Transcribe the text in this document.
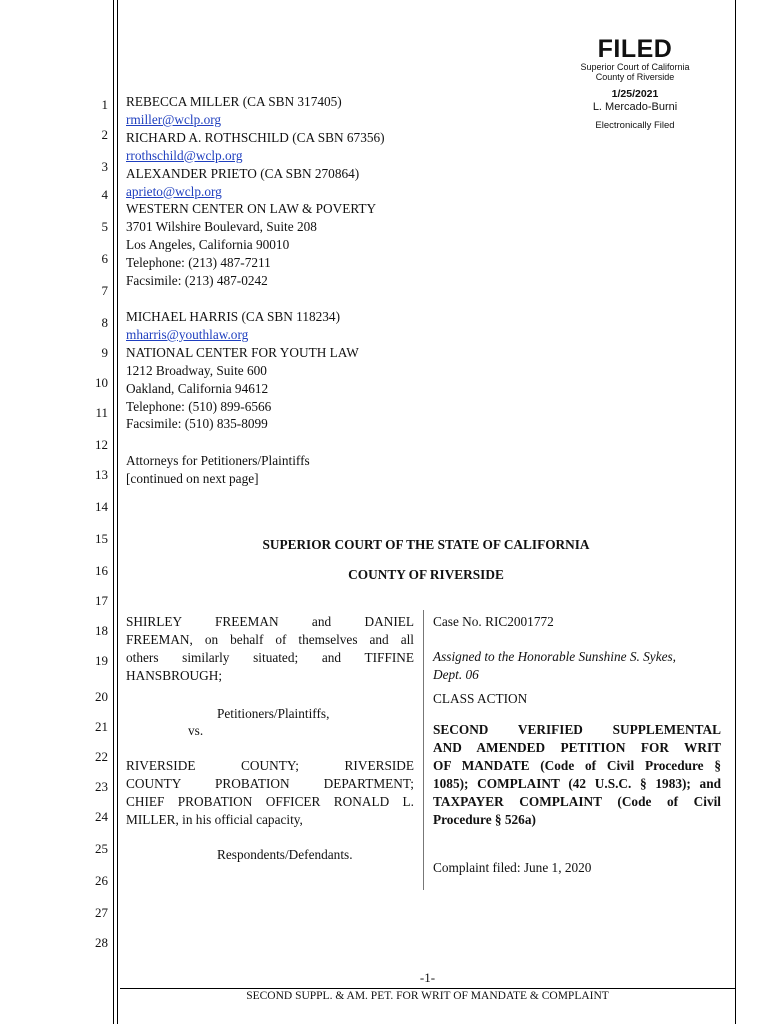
FILED
Superior Court of California
County of Riverside
1/25/2021
L. Mercado-Burni
Electronically Filed
1
2
3
4
5
6
7
8
9
10
11
12
13
14
15
16
17
18
19
20
21
22
23
24
25
26
27
28
REBECCA MILLER (CA SBN 317405)
rmiller@wclp.org
RICHARD A. ROTHSCHILD (CA SBN 67356)
rrothschild@wclp.org
ALEXANDER PRIETO (CA SBN 270864)
aprieto@wclp.org
WESTERN CENTER ON LAW & POVERTY
3701 Wilshire Boulevard, Suite 208
Los Angeles, California 90010
Telephone: (213) 487-7211
Facsimile: (213) 487-0242
MICHAEL HARRIS (CA SBN 118234)
mharris@youthlaw.org
NATIONAL CENTER FOR YOUTH LAW
1212 Broadway, Suite 600
Oakland, California 94612
Telephone: (510) 899-6566
Facsimile: (510) 835-8099
Attorneys for Petitioners/Plaintiffs
[continued on next page]
SUPERIOR COURT OF THE STATE OF CALIFORNIA
COUNTY OF RIVERSIDE
SHIRLEY FREEMAN and DANIEL
FREEMAN, on behalf of themselves and all
others similarly situated; and TIFFINE
HANSBROUGH;
Petitioners/Plaintiffs,
vs.
RIVERSIDE COUNTY; RIVERSIDE
COUNTY PROBATION DEPARTMENT;
CHIEF PROBATION OFFICER RONALD L.
MILLER, in his official capacity,
Respondents/Defendants.
Case No. RIC2001772
Assigned to the Honorable Sunshine S. Sykes,
Dept. 06
CLASS ACTION
SECOND VERIFIED SUPPLEMENTAL
AND AMENDED PETITION FOR WRIT
OF MANDATE (Code of Civil Procedure §
1085); COMPLAINT (42 U.S.C. § 1983); and
TAXPAYER COMPLAINT (Code of Civil
Procedure § 526a)
Complaint filed: June 1, 2020
-1-
SECOND SUPPL. & AM. PET. FOR WRIT OF MANDATE & COMPLAINT
